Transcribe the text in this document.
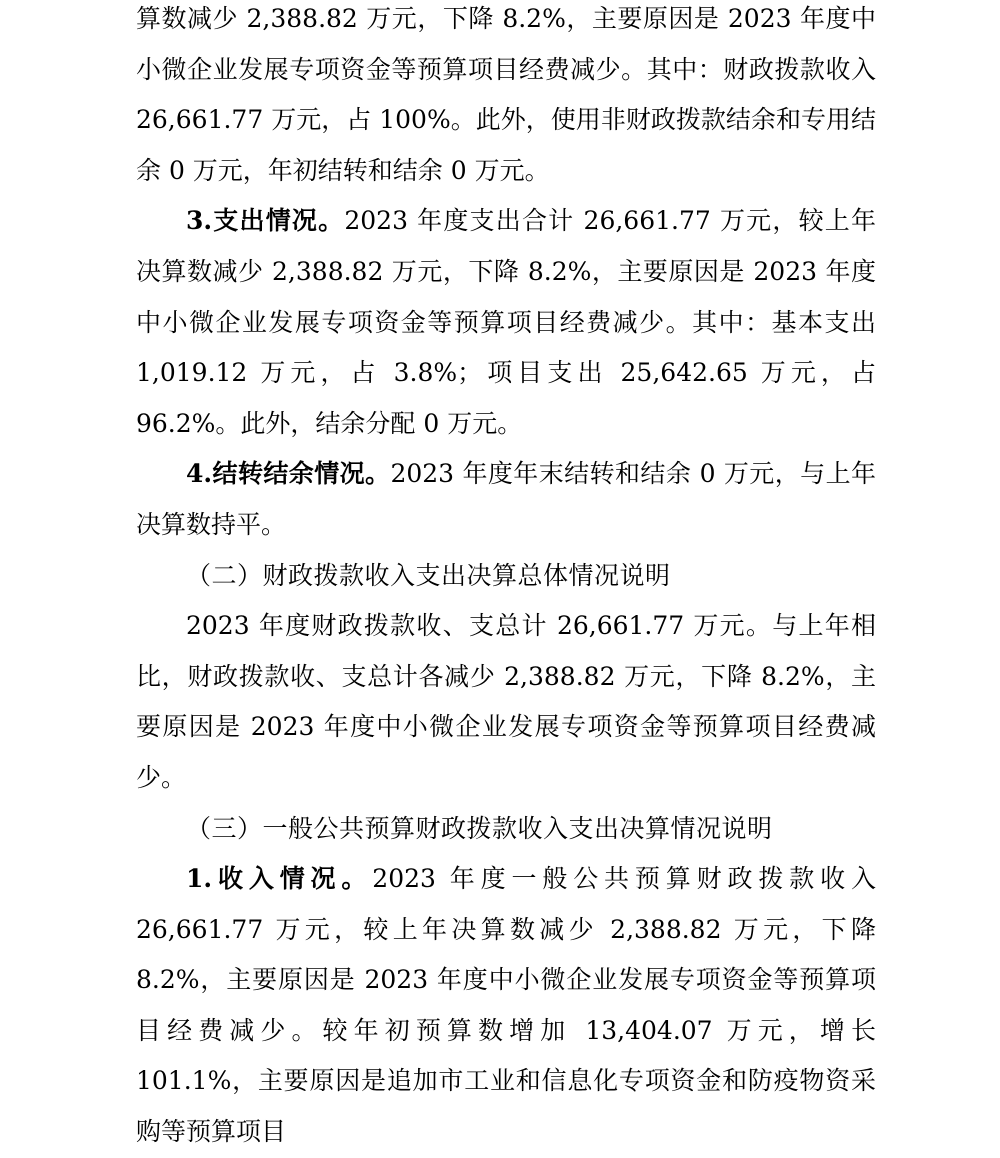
算数减少 2,388.82 万元，下降 8.2%，主要原因是 2023 年度中小微企业发展专项资金等预算项目经费减少。其中：财政拨款收入 26,661.77 万元，占 100%。此外，使用非财政拨款结余和专用结余 0 万元，年初结转和结余 0 万元。

3.支出情况。2023 年度支出合计 26,661.77 万元，较上年决算数减少 2,388.82 万元，下降 8.2%，主要原因是 2023 年度中小微企业发展专项资金等预算项目经费减少。其中：基本支出 1,019.12 万元，占 3.8%；项目支出 25,642.65 万元，占 96.2%。此外，结余分配 0 万元。

4.结转结余情况。2023 年度年末结转和结余 0 万元，与上年决算数持平。

（二）财政拨款收入支出决算总体情况说明

2023 年度财政拨款收、支总计 26,661.77 万元。与上年相比，财政拨款收、支总计各减少 2,388.82 万元，下降 8.2%，主要原因是 2023 年度中小微企业发展专项资金等预算项目经费减少。

（三）一般公共预算财政拨款收入支出决算情况说明

1.收入情况。2023 年度一般公共预算财政拨款收入 26,661.77 万元，较上年决算数减少 2,388.82 万元，下降 8.2%，主要原因是 2023 年度中小微企业发展专项资金等预算项目经费减少。较年初预算数增加 13,404.07 万元，增长 101.1%，主要原因是追加市工业和信息化专项资金和防疫物资采购等预算项目
